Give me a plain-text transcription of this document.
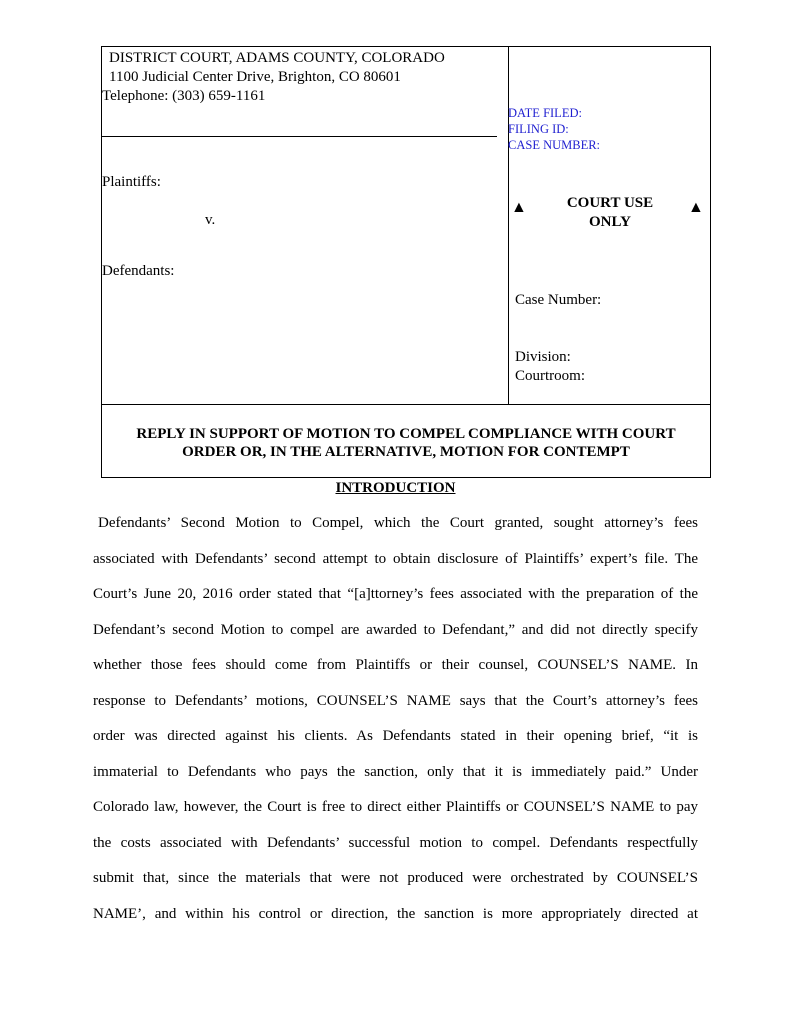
DISTRICT COURT, ADAMS COUNTY, COLORADO
1100 Judicial Center Drive, Brighton, CO 80601
Telephone: (303) 659-1161
Plaintiffs:
v.
Defendants:
DATE FILED:
FILING ID:
CASE NUMBER:
▲	COURT USE
ONLY
▲
Case Number:
Division:
Courtroom:
REPLY IN SUPPORT OF MOTION TO COMPEL COMPLIANCE WITH COURT
ORDER OR, IN THE ALTERNATIVE, MOTION FOR CONTEMPT
INTRODUCTION
Defendants’ Second Motion to Compel, which the Court granted, sought attorney’s fees
associated with Defendants’ second attempt to obtain disclosure of Plaintiffs’ expert’s file. The
Court’s June 20, 2016 order stated that “[a]ttorney’s fees associated with the preparation of the
Defendant’s second Motion to compel are awarded to Defendant,” and did not directly specify
whether those fees should come from Plaintiffs or their counsel, COUNSEL’S NAME. In
response to Defendants’ motions, COUNSEL’S NAME says that the Court’s attorney’s fees
order was directed against his clients. As Defendants stated in their opening brief, “it is
immaterial to Defendants who pays the sanction, only that it is immediately paid.” Under
Colorado law, however, the Court is free to direct either Plaintiffs or COUNSEL’S NAME to pay
the costs associated with Defendants’ successful motion to compel. Defendants respectfully
submit that, since the materials that were not produced were orchestrated by COUNSEL’S
NAME’, and within his control or direction, the sanction is more appropriately directed at
